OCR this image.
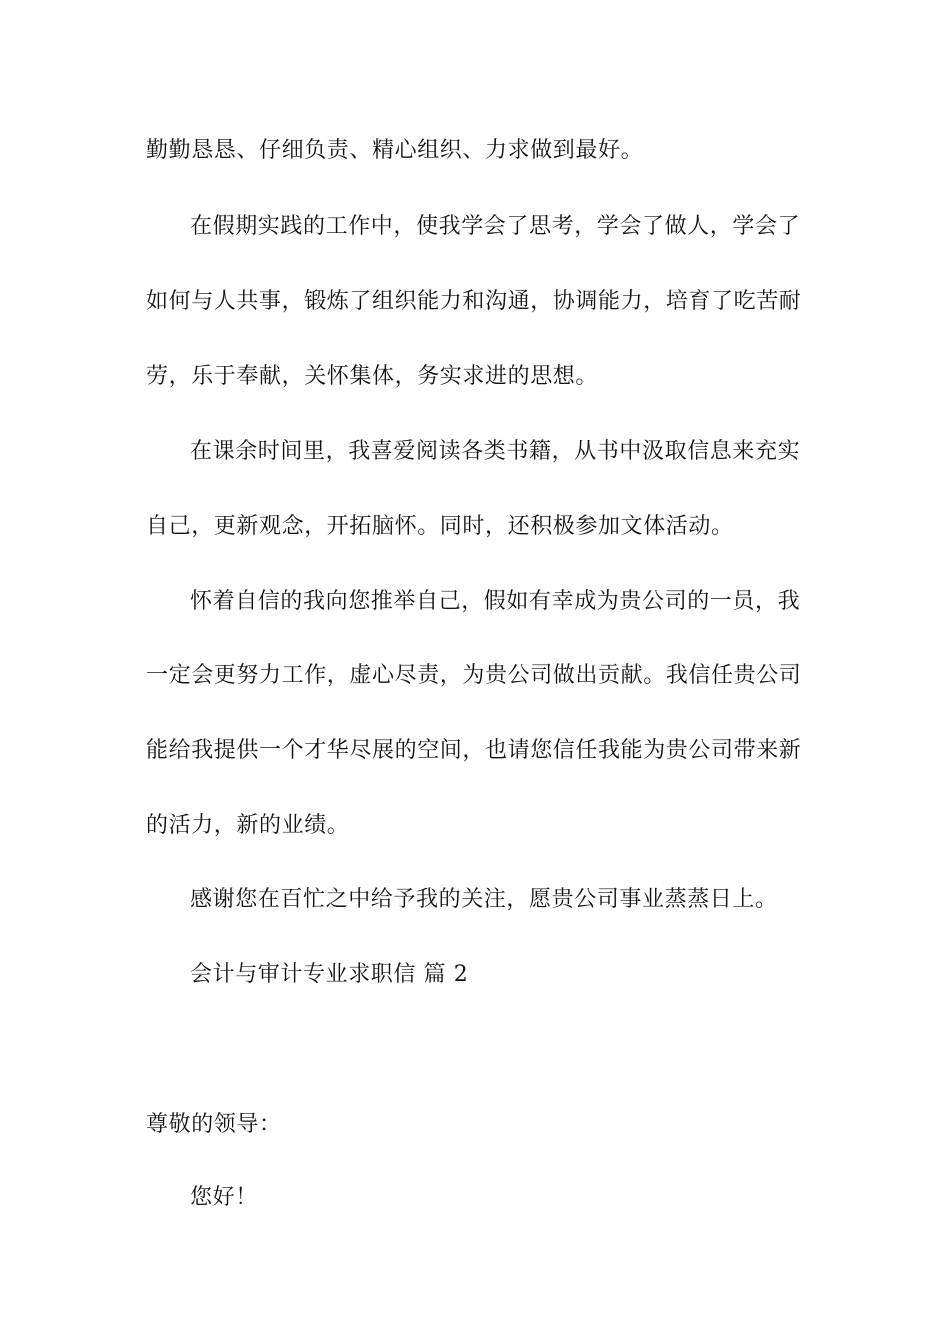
勤勤恳恳、仔细负责、精心组织、力求做到最好。
在假期实践的工作中，使我学会了思考，学会了做人，学会了
如何与人共事，锻炼了组织能力和沟通，协调能力，培育了吃苦耐
劳，乐于奉献，关怀集体，务实求进的思想。
在课余时间里，我喜爱阅读各类书籍，从书中汲取信息来充实
自己，更新观念，开拓脑怀。同时，还积极参加文体活动。
怀着自信的我向您推举自己，假如有幸成为贵公司的一员，我
一定会更努力工作，虚心尽责，为贵公司做出贡献。我信任贵公司
能给我提供一个才华尽展的空间，也请您信任我能为贵公司带来新
的活力，新的业绩。
感谢您在百忙之中给予我的关注，愿贵公司事业蒸蒸日上。
会计与审计专业求职信 篇 2
尊敬的领导：
您好！
